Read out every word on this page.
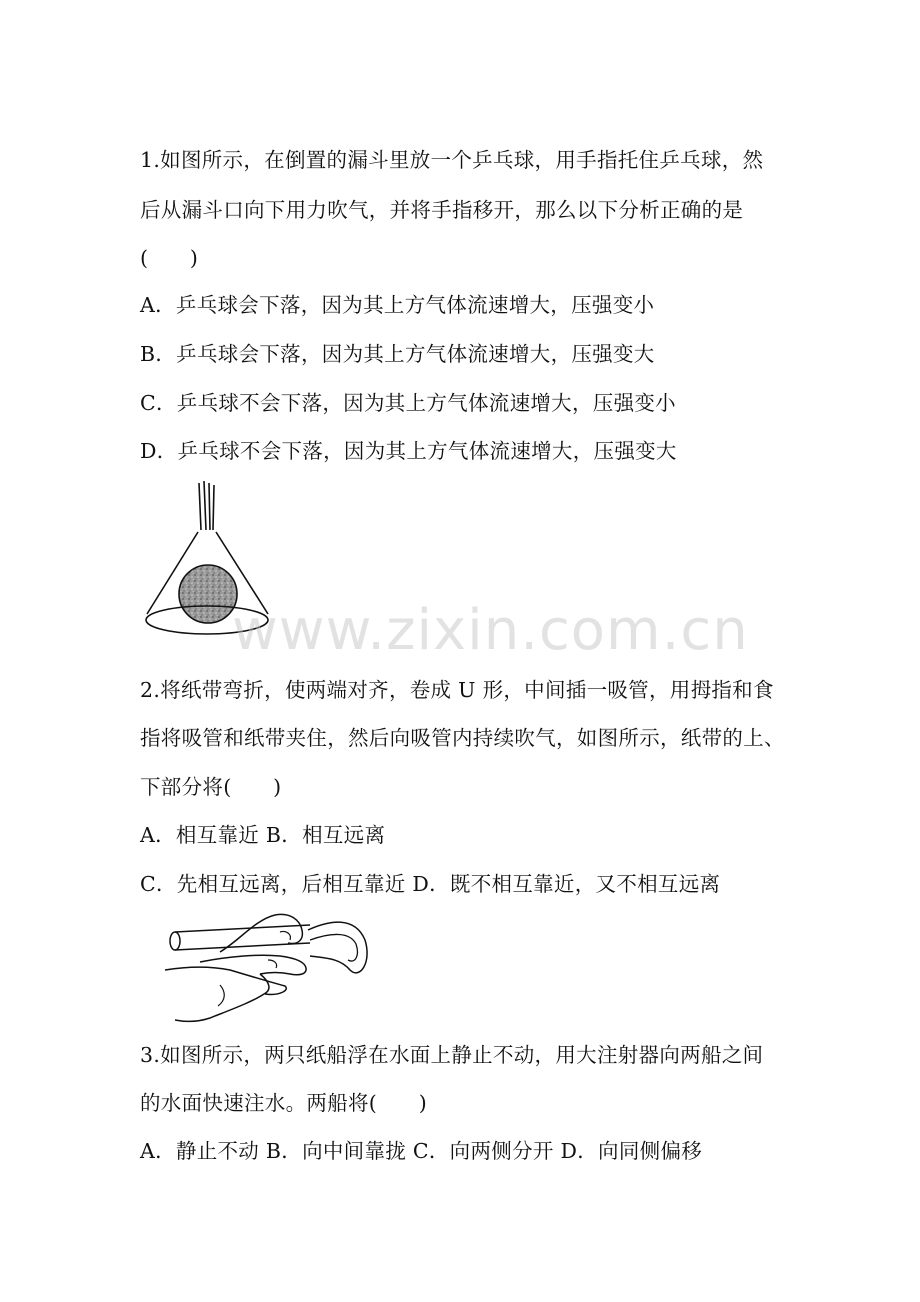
1.如图所示，在倒置的漏斗里放一个乒乓球，用手指托住乒乓球，然
后从漏斗口向下用力吹气，并将手指移开，那么以下分析正确的是
(　　)
A．乒乓球会下落，因为其上方气体流速增大，压强变小
B．乒乓球会下落，因为其上方气体流速增大，压强变大
C．乒乓球不会下落，因为其上方气体流速增大，压强变小
D．乒乓球不会下落，因为其上方气体流速增大，压强变大
www.zixin.com.cn
2.将纸带弯折，使两端对齐，卷成 U 形，中间插一吸管，用拇指和食
指将吸管和纸带夹住，然后向吸管内持续吹气，如图所示，纸带的上、
下部分将(　　)
A．相互靠近 B．相互远离
C．先相互远离，后相互靠近 D．既不相互靠近，又不相互远离
3.如图所示，两只纸船浮在水面上静止不动，用大注射器向两船之间
的水面快速注水。两船将(　　)
A．静止不动 B．向中间靠拢 C．向两侧分开 D．向同侧偏移
